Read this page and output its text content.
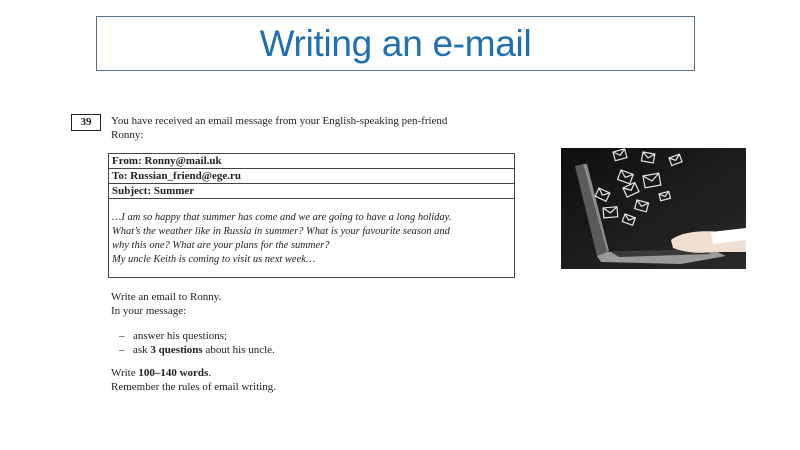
Writing an e-mail
39	You have received an email message from your English-speaking pen-friend
Ronny:
From: Ronny@mail.uk
To: Russian_friend@ege.ru
Subject: Summer
…I am so happy that summer has come and we are going to have a long holiday.
What’s the weather like in Russia in summer? What is your favourite season and
why this one? What are your plans for the summer?
My uncle Keith is coming to visit us next week…
Write an email to Ronny.
In your message:
– answer his questions;
– ask 3 questions about his uncle.
Write 100–140 words.
Remember the rules of email writing.
